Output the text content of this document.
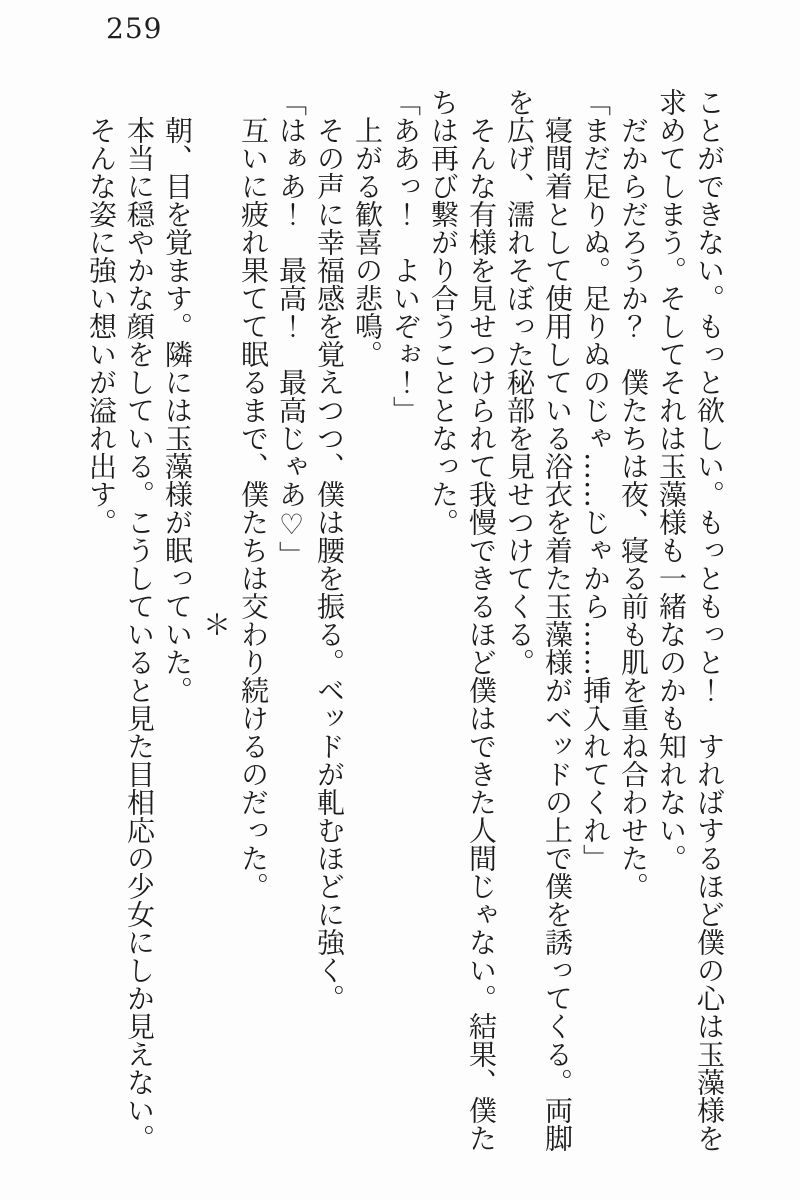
259

ことができない。もっと欲しい。もっともっと！　すればするほど僕の心は玉藻様を求めてしまう。そしてそれは玉藻様も一緒なのかも知れない。

　だからだろうか？　僕たちは夜、寝る前も肌を重ね合わせた。

「まだ足りぬ。足りぬのじゃ……じゃから……挿入れてくれ」

　寝間着として使用している浴衣を着た玉藻様がベッドの上で僕を誘ってくる。両脚を広げ、濡れそぼった秘部を見せつけてくる。

　そんな有様を見せつけられて我慢できるほど僕はできた人間じゃない。結果、僕たちは再び繋がり合うこととなった。

「ああっ！　よいぞぉ！」

　上がる歓喜の悲鳴。

　その声に幸福感を覚えつつ、僕は腰を振る。ベッドが軋むほどに強く。

「はぁあ！　最高！　最高じゃあ♡」

　互いに疲れ果てて眠るまで、僕たちは交わり続けるのだった。

＊

　朝、目を覚ます。隣には玉藻様が眠っていた。

　本当に穏やかな顔をしている。こうしていると見た目相応の少女にしか見えない。

　そんな姿に強い想いが溢れ出す。
